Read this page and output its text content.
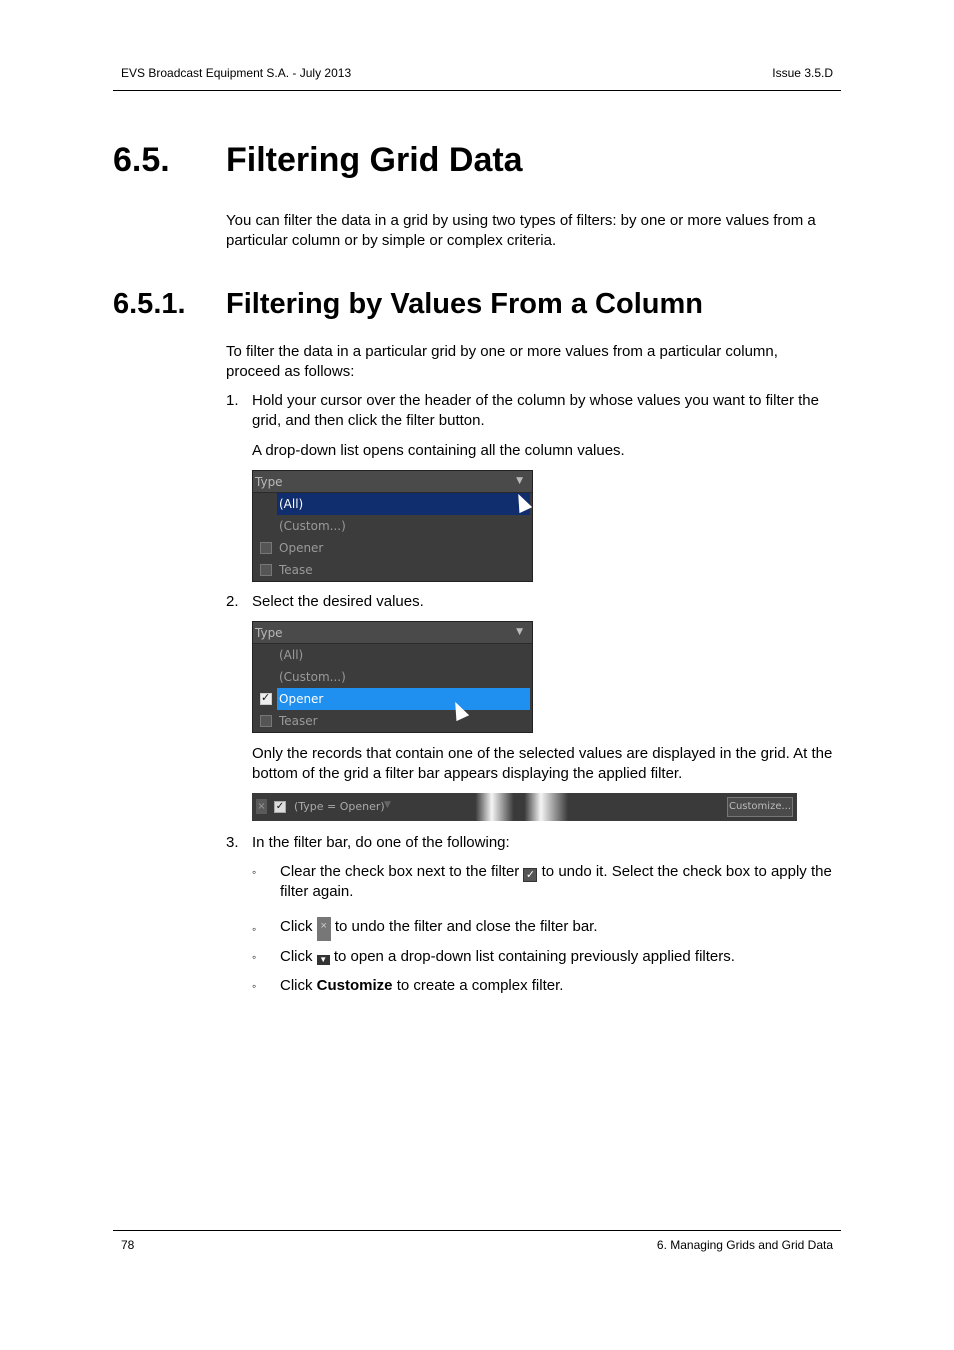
EVS Broadcast Equipment S.A. - July 2013	Issue 3.5.D
6.5. Filtering Grid Data
You can filter the data in a grid by using two types of filters: by one or more values from a particular column or by simple or complex criteria.
6.5.1. Filtering by Values From a Column
To filter the data in a particular grid by one or more values from a particular column, proceed as follows:
1. Hold your cursor over the header of the column by whose values you want to filter the grid, and then click the filter button.
A drop-down list opens containing all the column values.
Type	▼
(All)
(Custom...)
Opener
Tease
2. Select the desired values.
Type	▼
(All)
(Custom...)
✓
Opener
Teaser
Only the records that contain one of the selected values are displayed in the grid. At the bottom of the grid a filter bar appears displaying the applied filter.
× ✓ (Type = Opener) ▼	Customize...
3. In the filter bar, do one of the following:
◦ Clear the check box next to the filter ✓ to undo it. Select the check box to apply the filter again.
◦ Click × to undo the filter and close the filter bar.
◦ Click ▼ to open a drop-down list containing previously applied filters.
◦ Click Customize to create a complex filter.
78	6. Managing Grids and Grid Data
